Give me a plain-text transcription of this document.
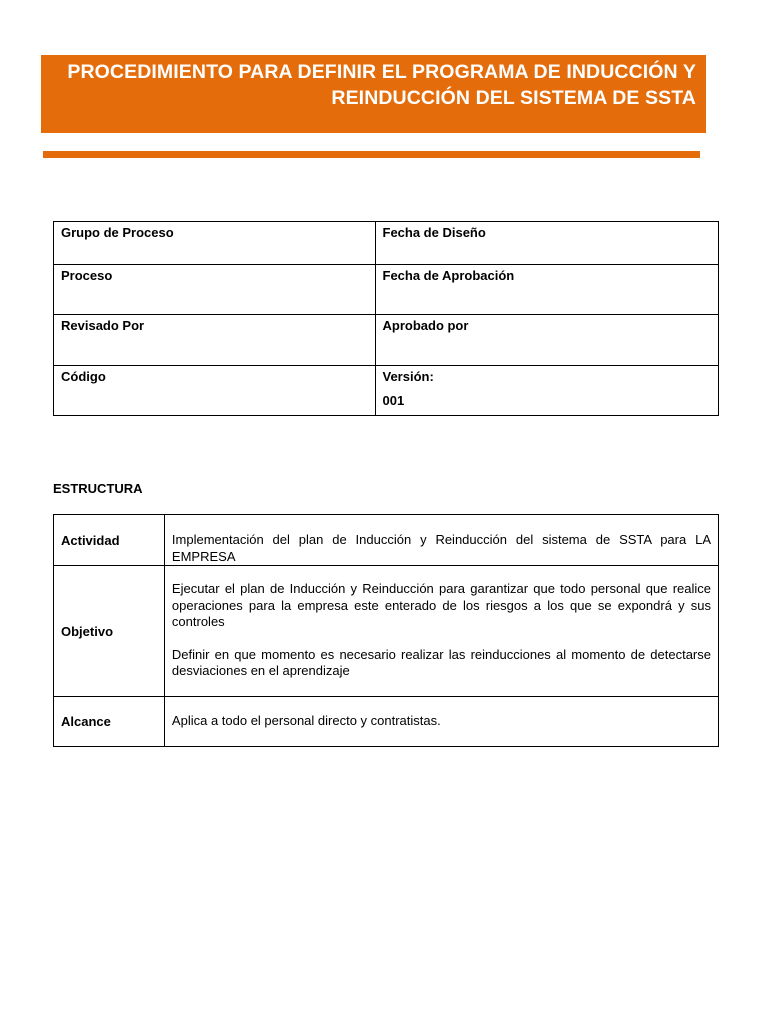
PROCEDIMIENTO PARA DEFINIR EL PROGRAMA DE INDUCCIÓN Y
REINDUCCIÓN DEL SISTEMA DE SSTA

Grupo de Proceso	Fecha de Diseño

Proceso	Fecha de Aprobación

Revisado Por	Aprobado por

Código	Versión:

001

ESTRUCTURA
Actividad	Implementación del plan de Inducción y Reinducción del sistema de SSTA para LA EMPRESA

Objetivo	Ejecutar el plan de Inducción y Reinducción para garantizar que todo personal que realice operaciones para la empresa este enterado de los riesgos a los que se expondrá y sus controles

Definir en que momento es necesario realizar las reinducciones al momento de detectarse desviaciones en el aprendizaje

Alcance	Aplica a todo el personal directo y contratistas.
